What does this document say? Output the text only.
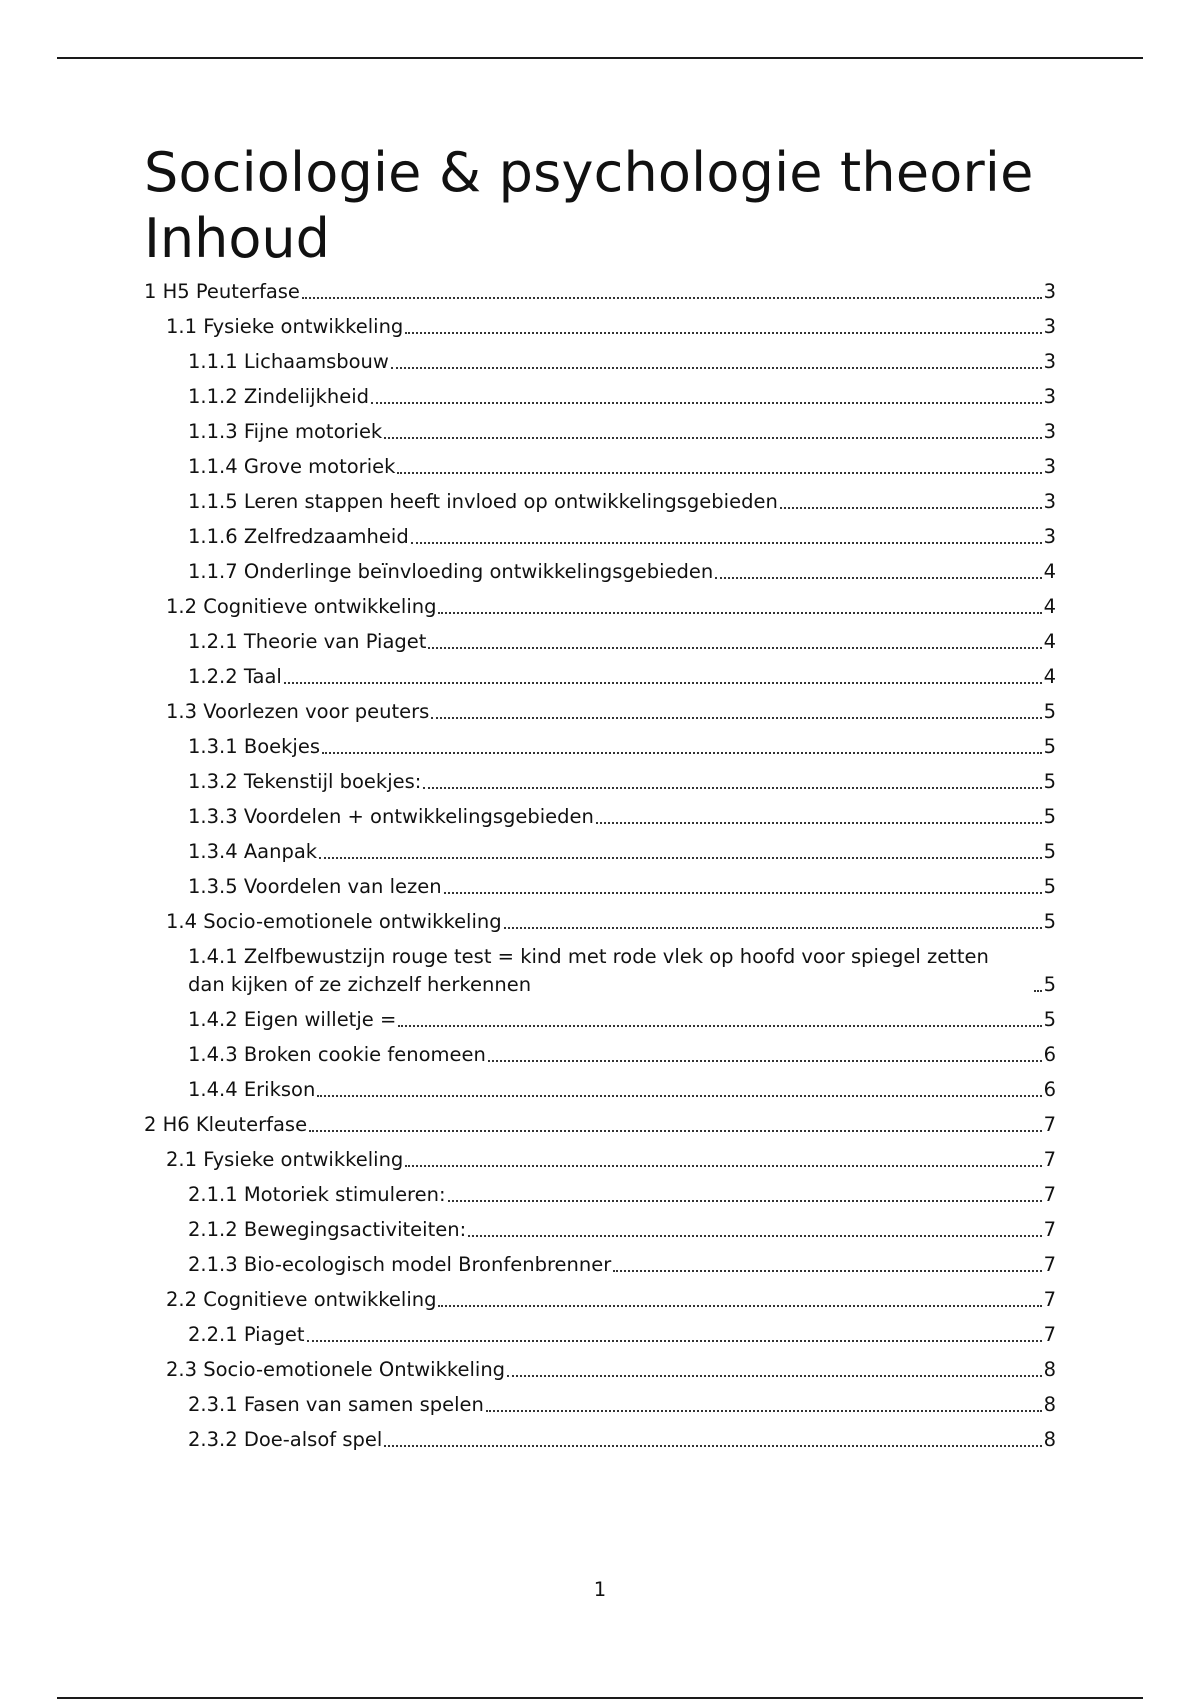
Sociologie & psychologie theorie
Inhoud
1 H5 Peuterfase	3
1.1 Fysieke ontwikkeling	3
1.1.1 Lichaamsbouw	3
1.1.2 Zindelijkheid	3
1.1.3 Fijne motoriek	3
1.1.4 Grove motoriek	3
1.1.5 Leren stappen heeft invloed op ontwikkelingsgebieden	3
1.1.6 Zelfredzaamheid	3
1.1.7 Onderlinge beïnvloeding ontwikkelingsgebieden	4
1.2 Cognitieve ontwikkeling	4
1.2.1 Theorie van Piaget	4
1.2.2 Taal	4
1.3 Voorlezen voor peuters	5
1.3.1 Boekjes	5
1.3.2 Tekenstijl boekjes:	5
1.3.3 Voordelen + ontwikkelingsgebieden	5
1.3.4 Aanpak	5
1.3.5 Voordelen van lezen	5
1.4 Socio-emotionele ontwikkeling	5
1.4.1 Zelfbewustzijn rouge test = kind met rode vlek op hoofd voor spiegel zetten dan kijken of ze zichzelf herkennen	5
1.4.2 Eigen willetje =	5
1.4.3 Broken cookie fenomeen	6
1.4.4 Erikson	6
2 H6 Kleuterfase	7
2.1 Fysieke ontwikkeling	7
2.1.1 Motoriek stimuleren:	7
2.1.2 Bewegingsactiviteiten:	7
2.1.3 Bio-ecologisch model Bronfenbrenner	7
2.2 Cognitieve ontwikkeling	7
2.2.1 Piaget	7
2.3 Socio-emotionele Ontwikkeling	8
2.3.1 Fasen van samen spelen	8
2.3.2 Doe-alsof spel	8
1
